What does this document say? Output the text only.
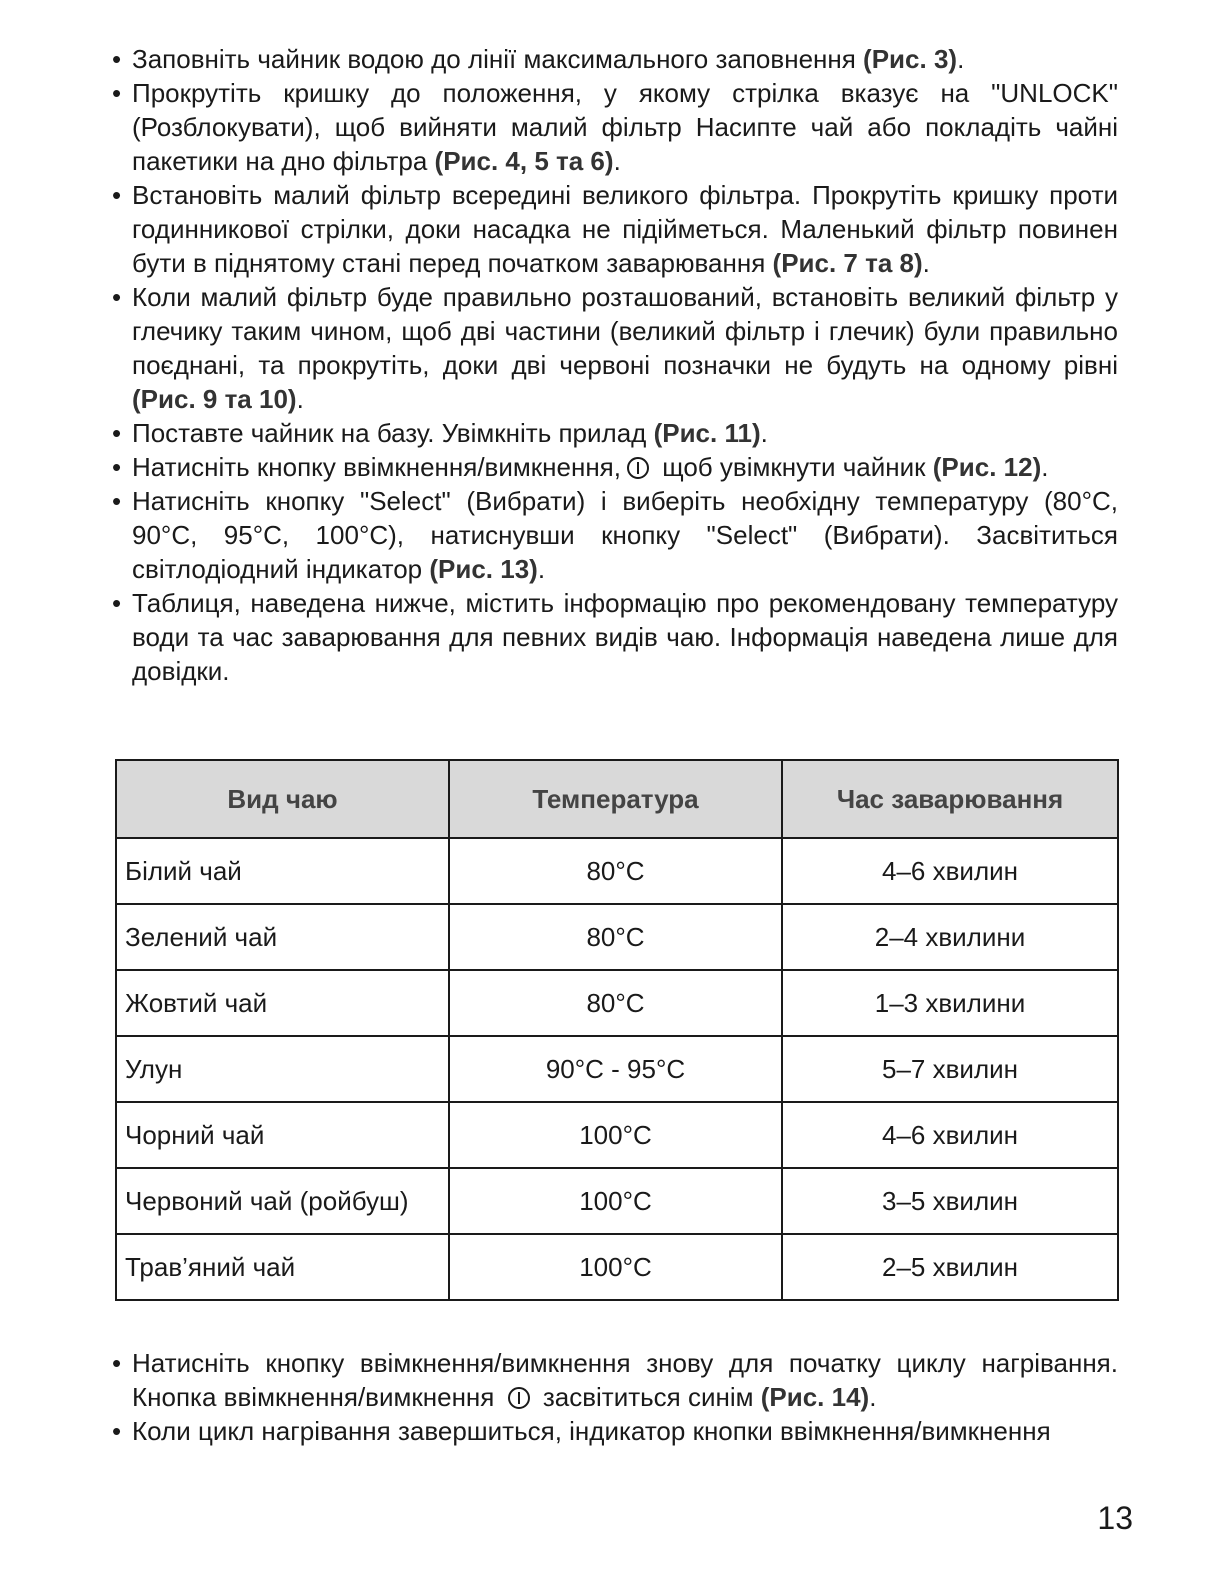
• Заповніть чайник водою до лінії максимального заповнення (Рис. 3).
• Прокрутіть кришку до положення, у якому стрілка вказує на "UNLOCK" (Розблокувати), щоб вийняти малий фільтр Насипте чай або покладіть чайні пакетики на дно фільтра (Рис. 4, 5 та 6).
• Встановіть малий фільтр всередині великого фільтра. Прокрутіть кришку проти годинникової стрілки, доки насадка не підійметься. Маленький фільтр повинен бути в піднятому стані перед початком заварювання (Рис. 7 та 8).
• Коли малий фільтр буде правильно розташований, встановіть великий фільтр у глечику таким чином, щоб дві частини (великий фільтр і глечик) були правильно поєднані, та прокрутіть, доки дві червоні позначки не будуть на одному рівні (Рис. 9 та 10).
• Поставте чайник на базу. Увімкніть прилад (Рис. 11).
• Натисніть кнопку ввімкнення/вимкнення, щоб увімкнути чайник (Рис. 12).
• Натисніть кнопку "Select" (Вибрати) і виберіть необхідну температуру (80°C, 90°C, 95°C, 100°C), натиснувши кнопку "Select" (Вибрати). Засвітиться світлодіодний індикатор (Рис. 13).
• Таблиця, наведена нижче, містить інформацію про рекомендовану температуру води та час заварювання для певних видів чаю. Інформація наведена лише для довідки.
Вид чаю	Температура	Час заварювання
Білий чай	80°C	4–6 хвилин
Зелений чай	80°C	2–4 хвилини
Жовтий чай	80°C	1–3 хвилини
Улун	90°C - 95°C	5–7 хвилин
Чорний чай	100°C	4–6 хвилин
Червоний чай (ройбуш)	100°C	3–5 хвилин
Трав’яний чай	100°C	2–5 хвилин
• Натисніть кнопку ввімкнення/вимкнення знову для початку циклу нагрівання. Кнопка ввімкнення/вимкнення  засвітиться синім (Рис. 14).
• Коли цикл нагрівання завершиться, індикатор кнопки ввімкнення/вимкнення
13
